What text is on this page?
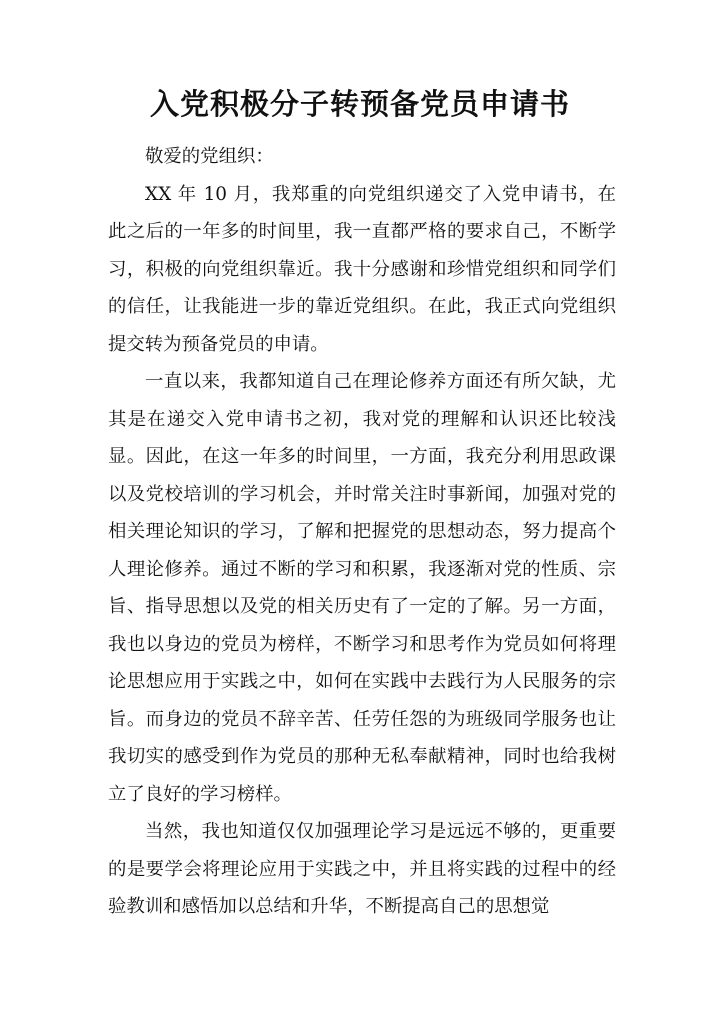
入党积极分子转预备党员申请书

敬爱的党组织：

XX 年 10 月，我郑重的向党组织递交了入党申请书，在此之后的一年多的时间里，我一直都严格的要求自己，不断学习，积极的向党组织靠近。我十分感谢和珍惜党组织和同学们的信任，让我能进一步的靠近党组织。在此，我正式向党组织提交转为预备党员的申请。

一直以来，我都知道自己在理论修养方面还有所欠缺，尤其是在递交入党申请书之初，我对党的理解和认识还比较浅显。因此，在这一年多的时间里，一方面，我充分利用思政课以及党校培训的学习机会，并时常关注时事新闻，加强对党的相关理论知识的学习，了解和把握党的思想动态，努力提高个人理论修养。通过不断的学习和积累，我逐渐对党的性质、宗旨、指导思想以及党的相关历史有了一定的了解。另一方面，我也以身边的党员为榜样，不断学习和思考作为党员如何将理论思想应用于实践之中，如何在实践中去践行为人民服务的宗旨。而身边的党员不辞辛苦、任劳任怨的为班级同学服务也让我切实的感受到作为党员的那种无私奉献精神，同时也给我树立了良好的学习榜样。

当然，我也知道仅仅加强理论学习是远远不够的，更重要的是要学会将理论应用于实践之中，并且将实践的过程中的经验教训和感悟加以总结和升华，不断提高自己的思想觉
